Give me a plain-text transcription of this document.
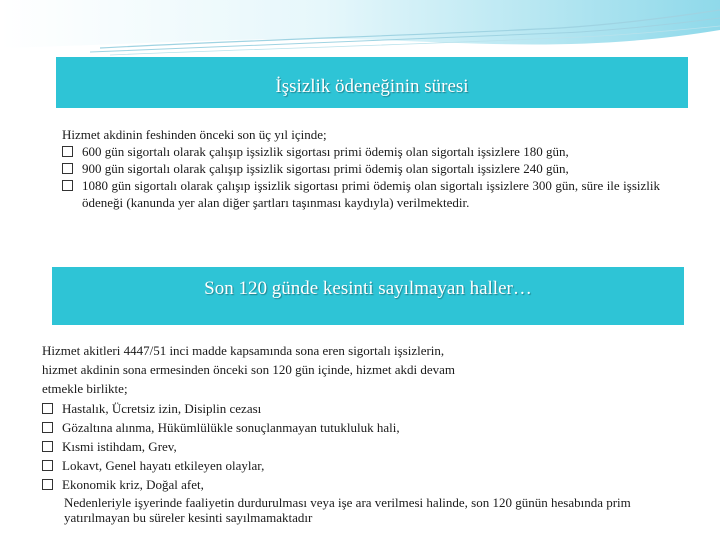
İşsizlik ödeneğinin süresi
Hizmet akdinin feshinden önceki son üç yıl içinde;
600 gün sigortalı olarak çalışıp işsizlik sigortası primi ödemiş olan sigortalı işsizlere 180 gün,
900 gün sigortalı olarak çalışıp işsizlik sigortası primi ödemiş olan sigortalı işsizlere 240 gün,
1080 gün sigortalı olarak çalışıp işsizlik sigortası primi ödemiş olan sigortalı işsizlere 300 gün, süre ile işsizlik ödeneği (kanunda yer alan diğer şartları taşınması kaydıyla) verilmektedir.
Son 120 günde kesinti sayılmayan haller…
Hizmet akitleri 4447/51 inci madde kapsamında sona eren sigortalı işsizlerin, hizmet akdinin sona ermesinden önceki son 120 gün içinde, hizmet akdi devam etmekle birlikte;
Hastalık, Ücretsiz izin, Disiplin cezası
Gözaltına alınma, Hükümlülükle sonuçlanmayan tutukluluk hali,
Kısmi istihdam, Grev,
Lokavt, Genel hayatı etkileyen olaylar,
Ekonomik kriz, Doğal afet,
Nedenleriyle işyerinde faaliyetin durdurulması veya işe ara verilmesi halinde, son 120 günün hesabında prim yatırılmayan bu süreler kesinti sayılmamaktadır
